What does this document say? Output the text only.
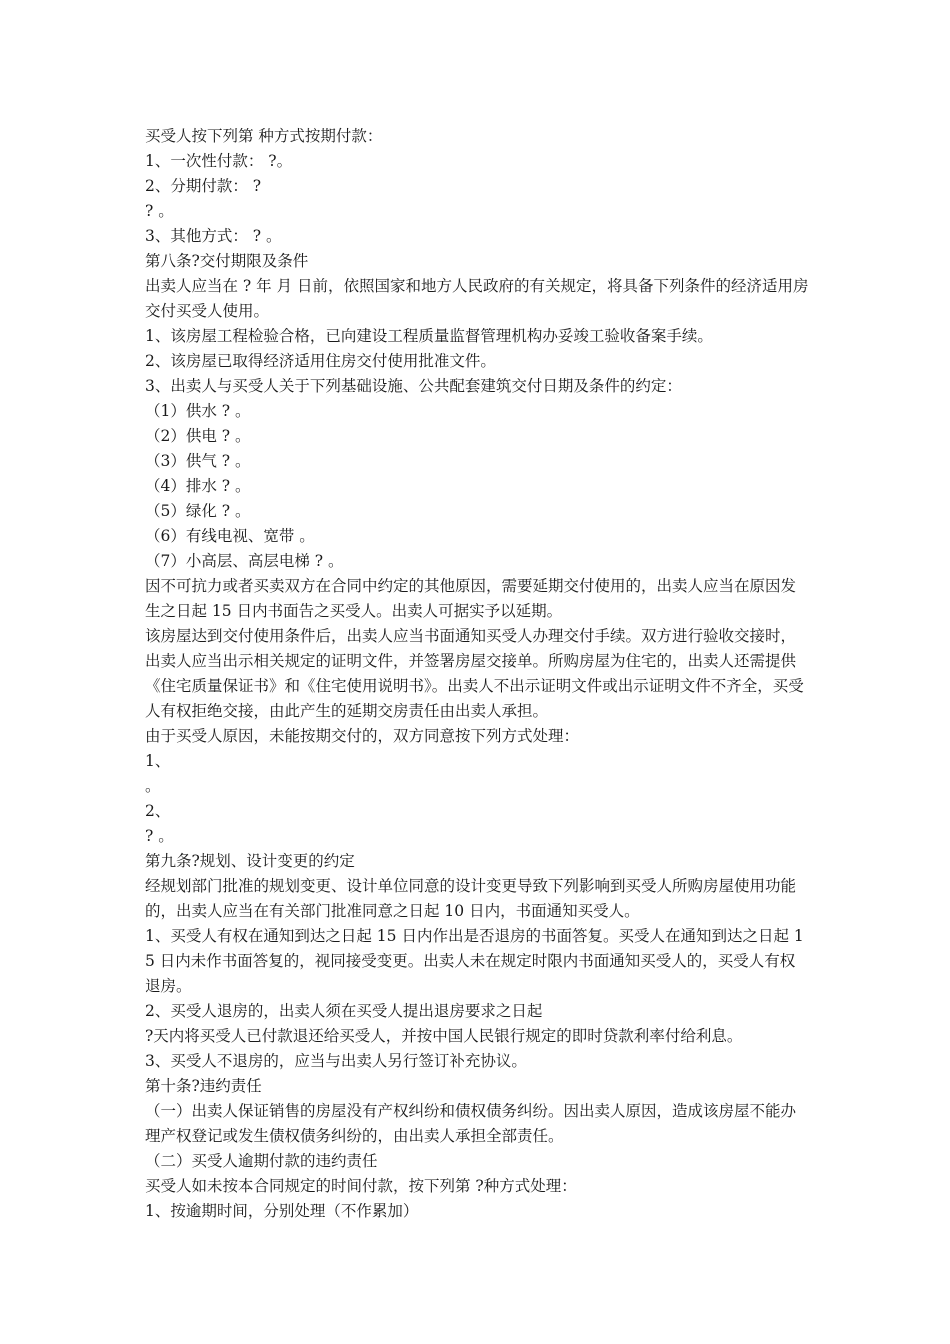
买受人按下列第 种方式按期付款：

1、一次性付款： ?。

2、分期付款： ?

? 。

3、其他方式： ? 。

第八条?交付期限及条件

出卖人应当在 ? 年 月 日前，依照国家和地方人民政府的有关规定，将具备下列条件的经济适用房交付买受人使用。

1、该房屋工程检验合格，已向建设工程质量监督管理机构办妥竣工验收备案手续。

2、该房屋已取得经济适用住房交付使用批准文件。

3、出卖人与买受人关于下列基础设施、公共配套建筑交付日期及条件的约定：

（1）供水 ? 。

（2）供电 ? 。

（3）供气 ? 。

（4）排水 ? 。

（5）绿化 ? 。

（6）有线电视、宽带 。

（7）小高层、高层电梯 ? 。

因不可抗力或者买卖双方在合同中约定的其他原因，需要延期交付使用的，出卖人应当在原因发生之日起 15 日内书面告之买受人。出卖人可据实予以延期。

该房屋达到交付使用条件后，出卖人应当书面通知买受人办理交付手续。双方进行验收交接时，出卖人应当出示相关规定的证明文件，并签署房屋交接单。所购房屋为住宅的，出卖人还需提供《住宅质量保证书》和《住宅使用说明书》。出卖人不出示证明文件或出示证明文件不齐全，买受人有权拒绝交接，由此产生的延期交房责任由出卖人承担。

由于买受人原因，未能按期交付的，双方同意按下列方式处理：

1、

。

2、

? 。

第九条?规划、设计变更的约定

经规划部门批准的规划变更、设计单位同意的设计变更导致下列影响到买受人所购房屋使用功能的，出卖人应当在有关部门批准同意之日起 10 日内，书面通知买受人。

1、买受人有权在通知到达之日起 15 日内作出是否退房的书面答复。买受人在通知到达之日起 15 日内未作书面答复的，视同接受变更。出卖人未在规定时限内书面通知买受人的，买受人有权退房。

2、买受人退房的，出卖人须在买受人提出退房要求之日起

?天内将买受人已付款退还给买受人，并按中国人民银行规定的即时贷款利率付给利息。

3、买受人不退房的，应当与出卖人另行签订补充协议。

第十条?违约责任

（一）出卖人保证销售的房屋没有产权纠纷和债权债务纠纷。因出卖人原因，造成该房屋不能办理产权登记或发生债权债务纠纷的，由出卖人承担全部责任。

（二）买受人逾期付款的违约责任

买受人如未按本合同规定的时间付款，按下列第 ?种方式处理：

1、按逾期时间，分别处理（不作累加）
